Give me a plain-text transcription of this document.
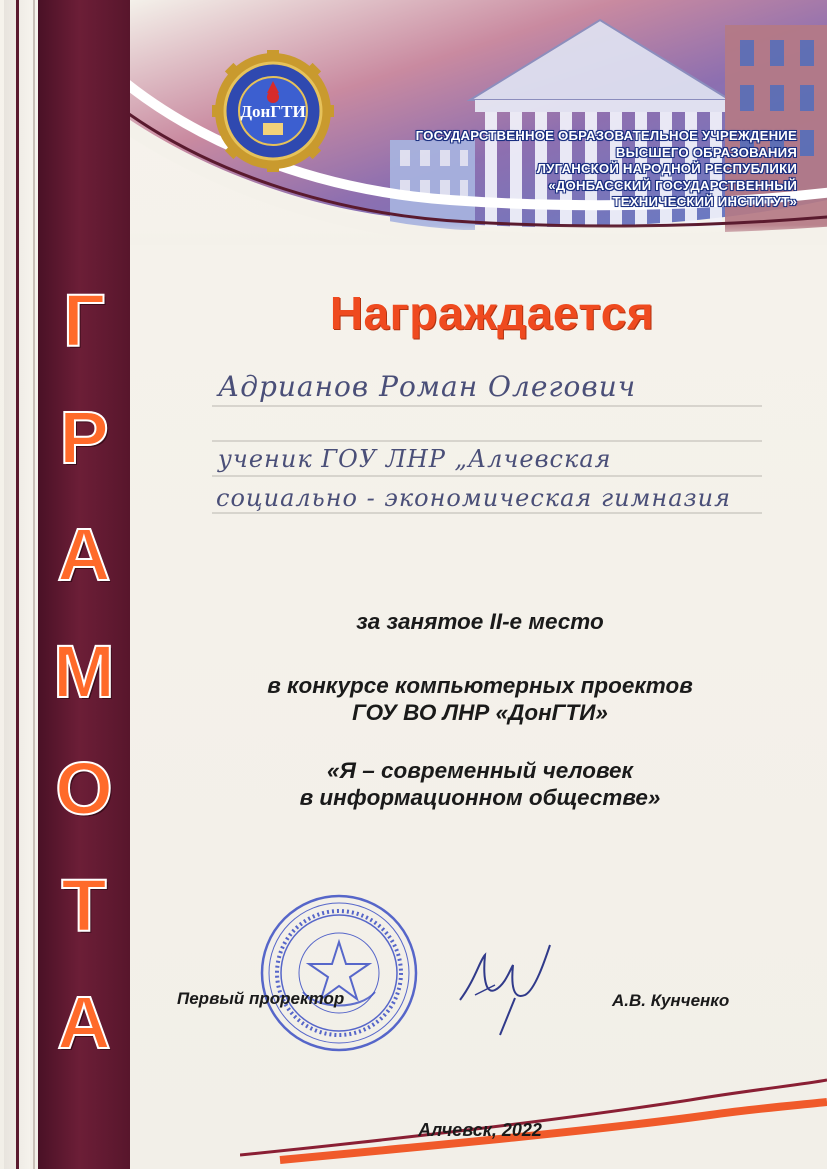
Г
Р
А
М
О
Т
А
ГОСУДАРСТВЕННОЕ ОБРАЗОВАТЕЛЬНОЕ УЧРЕЖДЕНИЕ
ВЫСШЕГО ОБРАЗОВАНИЯ
ЛУГАНСКОЙ НАРОДНОЙ РЕСПУБЛИКИ
«ДОНБАССКИЙ ГОСУДАРСТВЕННЫЙ
ТЕХНИЧЕСКИЙ ИНСТИТУТ»
ДонГТИ
Награждается
Адрианов Роман Олегович
ученик ГОУ ЛНР „Алчевская
социально - экономическая гимназия
за занятое II-е место
в конкурсе компьютерных проектов
ГОУ ВО ЛНР «ДонГТИ»
«Я – современный человек
в информационном обществе»
Первый проректор	А.В. Кунченко
Алчевск, 2022
